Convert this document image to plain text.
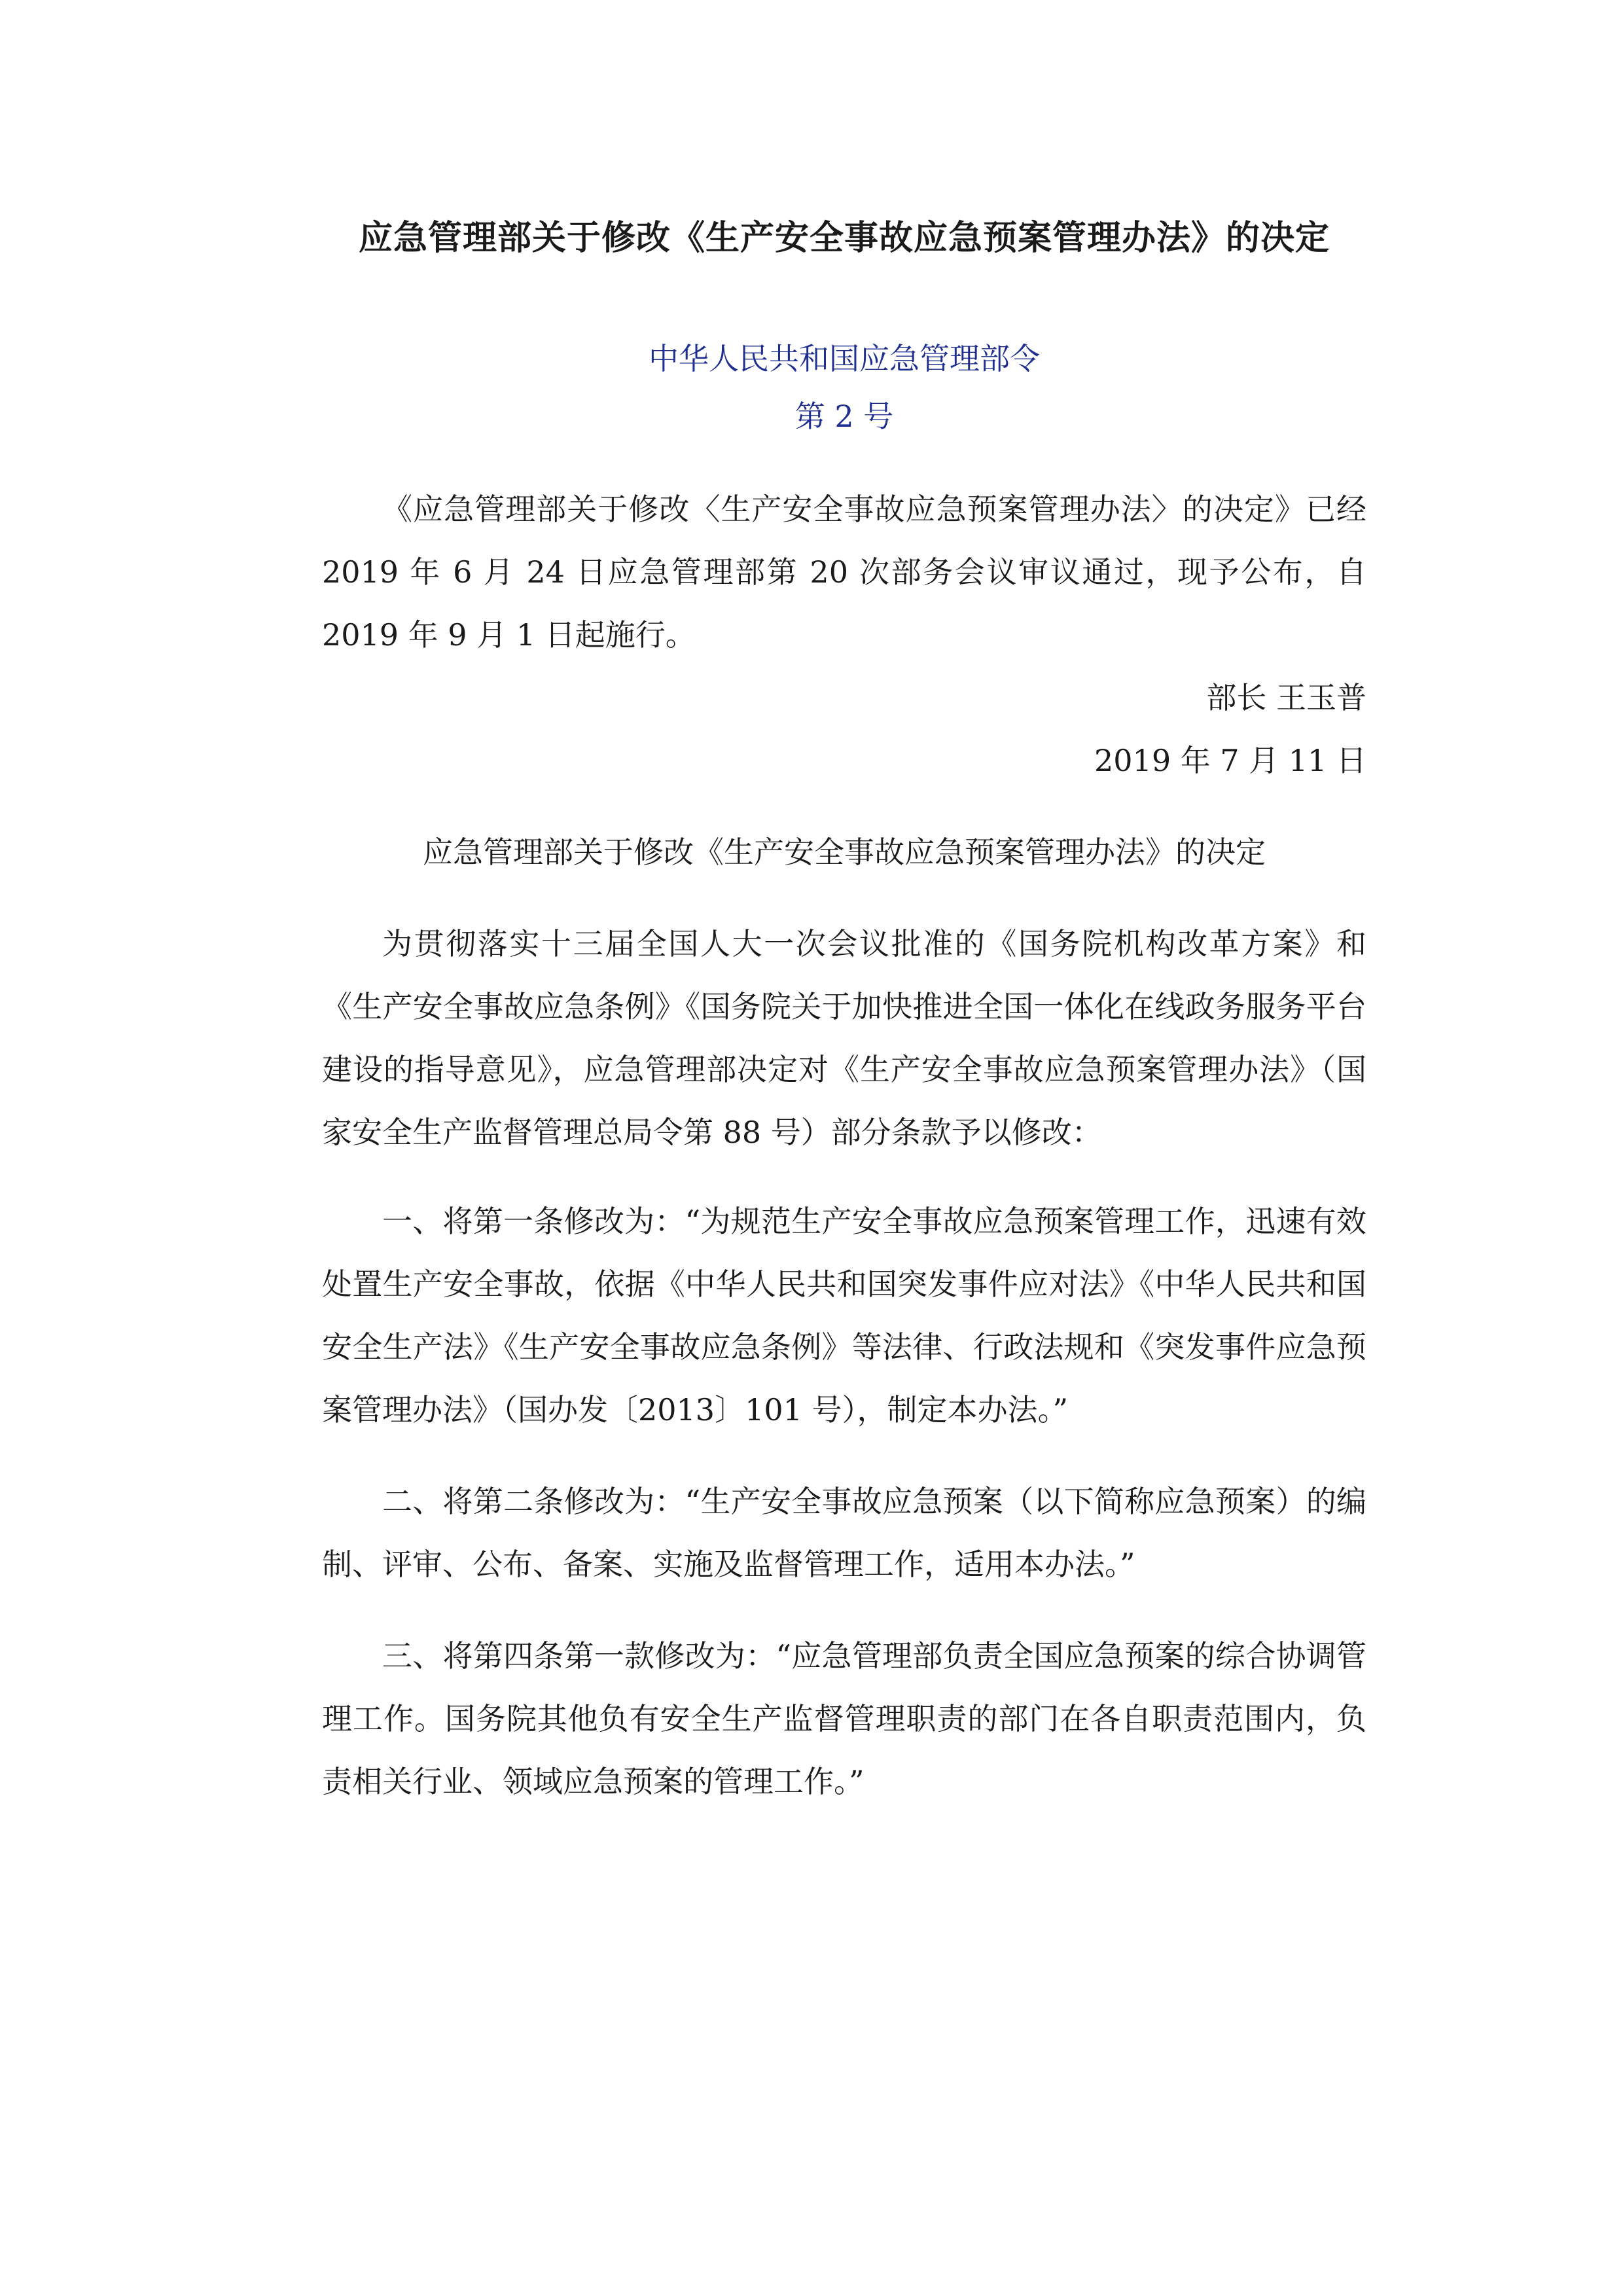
应急管理部关于修改《生产安全事故应急预案管理办法》的决定

中华人民共和国应急管理部令

第 2 号

《应急管理部关于修改〈生产安全事故应急预案管理办法〉的决定》已经 2019 年 6 月 24 日应急管理部第 20 次部务会议审议通过，现予公布，自 2019 年 9 月 1 日起施行。

部长 王玉普

2019 年 7 月 11 日

应急管理部关于修改《生产安全事故应急预案管理办法》的决定

为贯彻落实十三届全国人大一次会议批准的《国务院机构改革方案》和《生产安全事故应急条例》《国务院关于加快推进全国一体化在线政务服务平台建设的指导意见》，应急管理部决定对《生产安全事故应急预案管理办法》（国家安全生产监督管理总局令第 88 号）部分条款予以修改：

一、将第一条修改为：“为规范生产安全事故应急预案管理工作，迅速有效处置生产安全事故，依据《中华人民共和国突发事件应对法》《中华人民共和国安全生产法》《生产安全事故应急条例》等法律、行政法规和《突发事件应急预案管理办法》（国办发〔2013〕101 号），制定本办法。”

二、将第二条修改为：“生产安全事故应急预案（以下简称应急预案）的编制、评审、公布、备案、实施及监督管理工作，适用本办法。”

三、将第四条第一款修改为：“应急管理部负责全国应急预案的综合协调管理工作。国务院其他负有安全生产监督管理职责的部门在各自职责范围内，负责相关行业、领域应急预案的管理工作。”
